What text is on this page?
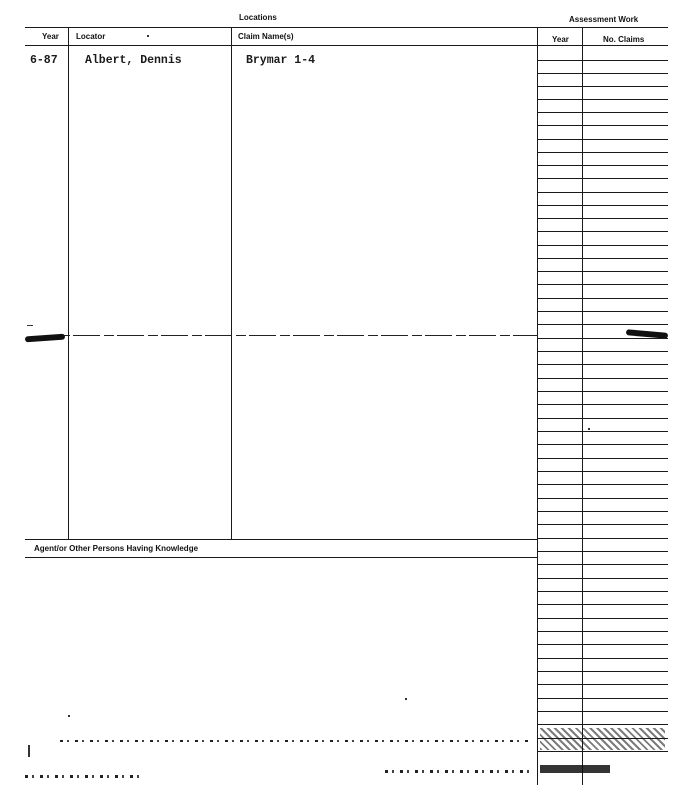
Locations	Assessment Work
Year Locator	Claim Name(s)	Year	No. Claims
6-87 Albert, Dennis	Brymar 1-4
Agent/or Other Persons Having Knowledge
